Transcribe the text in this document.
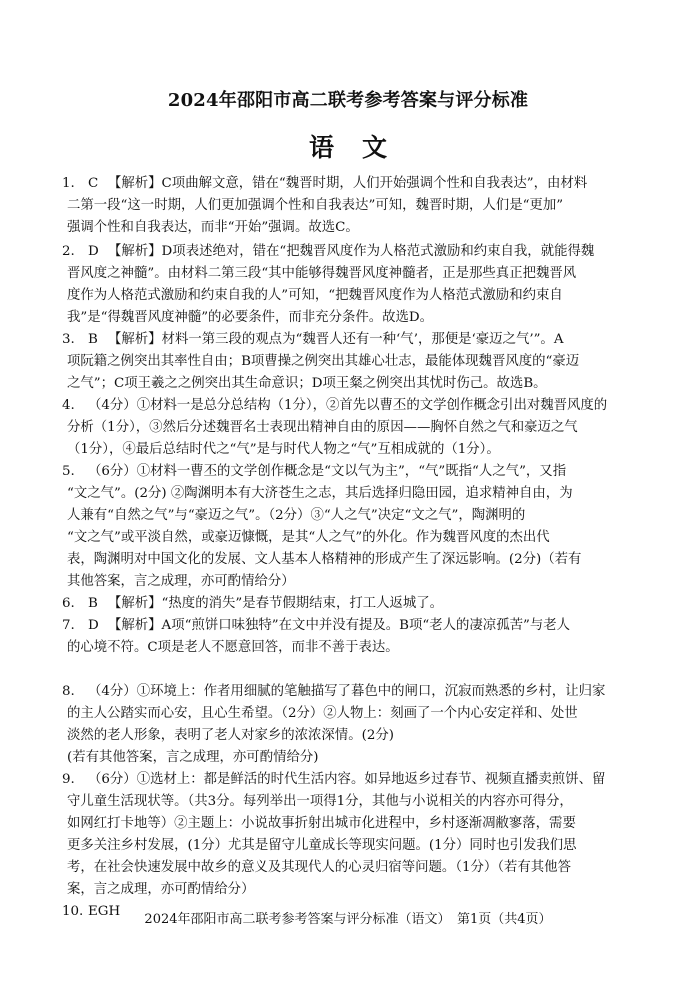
2024年邵阳市高二联考参考答案与评分标准
语文
1. C 【解析】C项曲解文意，错在“魏晋时期，人们开始强调个性和自我表达”，由材料

二第一段“这一时期，人们更加强调个性和自我表达”可知，魏晋时期，人们是“更加”

强调个性和自我表达，而非“开始”强调。故选C。

2. D 【解析】D项表述绝对，错在“把魏晋风度作为人格范式激励和约束自我，就能得魏

晋风度之神髓”。由材料二第三段“其中能够得魏晋风度神髓者，正是那些真正把魏晋风

度作为人格范式激励和约束自我的人”可知，“把魏晋风度作为人格范式激励和约束自

我”是“得魏晋风度神髓”的必要条件，而非充分条件。故选D。

3. B 【解析】材料一第三段的观点为“魏晋人还有一种‘气’，那便是‘豪迈之气’”。A

项阮籍之例突出其率性自由；B项曹操之例突出其雄心壮志，最能体现魏晋风度的“豪迈

之气”；C项王羲之之例突出其生命意识；D项王粲之例突出其忧时伤己。故选B。

4. （4分）①材料一是总分总结构（1分），②首先以曹丕的文学创作概念引出对魏晋风度的

分析（1分），③然后分述魏晋名士表现出精神自由的原因——胸怀自然之气和豪迈之气

（1分），④最后总结时代之“气”是与时代人物之“气”互相成就的（1分）。

5. （6分）①材料一曹丕的文学创作概念是“文以气为主”，“气”既指“人之气”，又指

“文之气”。(2分) ②陶渊明本有大济苍生之志，其后选择归隐田园，追求精神自由，为

人兼有“自然之气”与“豪迈之气”。（2分）③“人之气”决定“文之气”，陶渊明的

“文之气”或平淡自然，或豪迈慷慨，是其“人之气”的外化。作为魏晋风度的杰出代

表，陶渊明对中国文化的发展、文人基本人格精神的形成产生了深远影响。(2分)（若有

其他答案，言之成理，亦可酌情给分）

6. B 【解析】“热度的消失”是春节假期结束，打工人返城了。

7. D 【解析】A项“煎饼口味独特”在文中并没有提及。B项“老人的凄凉孤苦”与老人

的心境不符。C项是老人不愿意回答，而非不善于表达。

8. （4分）①环境上：作者用细腻的笔触描写了暮色中的闸口，沉寂而熟悉的乡村，让归家

的主人公踏实而心安，且心生希望。（2分）②人物上：刻画了一个内心安定祥和、处世

淡然的老人形象，表明了老人对家乡的浓浓深情。(2分)

(若有其他答案，言之成理，亦可酌情给分)

9. （6分）①选材上：都是鲜活的时代生活内容。如异地返乡过春节、视频直播卖煎饼、留

守儿童生活现状等。（共3分。每列举出一项得1分，其他与小说相关的内容亦可得分，

如网红打卡地等）②主题上：小说故事折射出城市化进程中，乡村逐渐凋敝寥落，需要

更多关注乡村发展，(1分）尤其是留守儿童成长等现实问题。(1分）同时也引发我们思

考，在社会快速发展中故乡的意义及其现代人的心灵归宿等问题。（1分）（若有其他答

案，言之成理，亦可酌情给分）

10. EGH
2024年邵阳市高二联考参考答案与评分标准（语文）　第1页（共4页）
